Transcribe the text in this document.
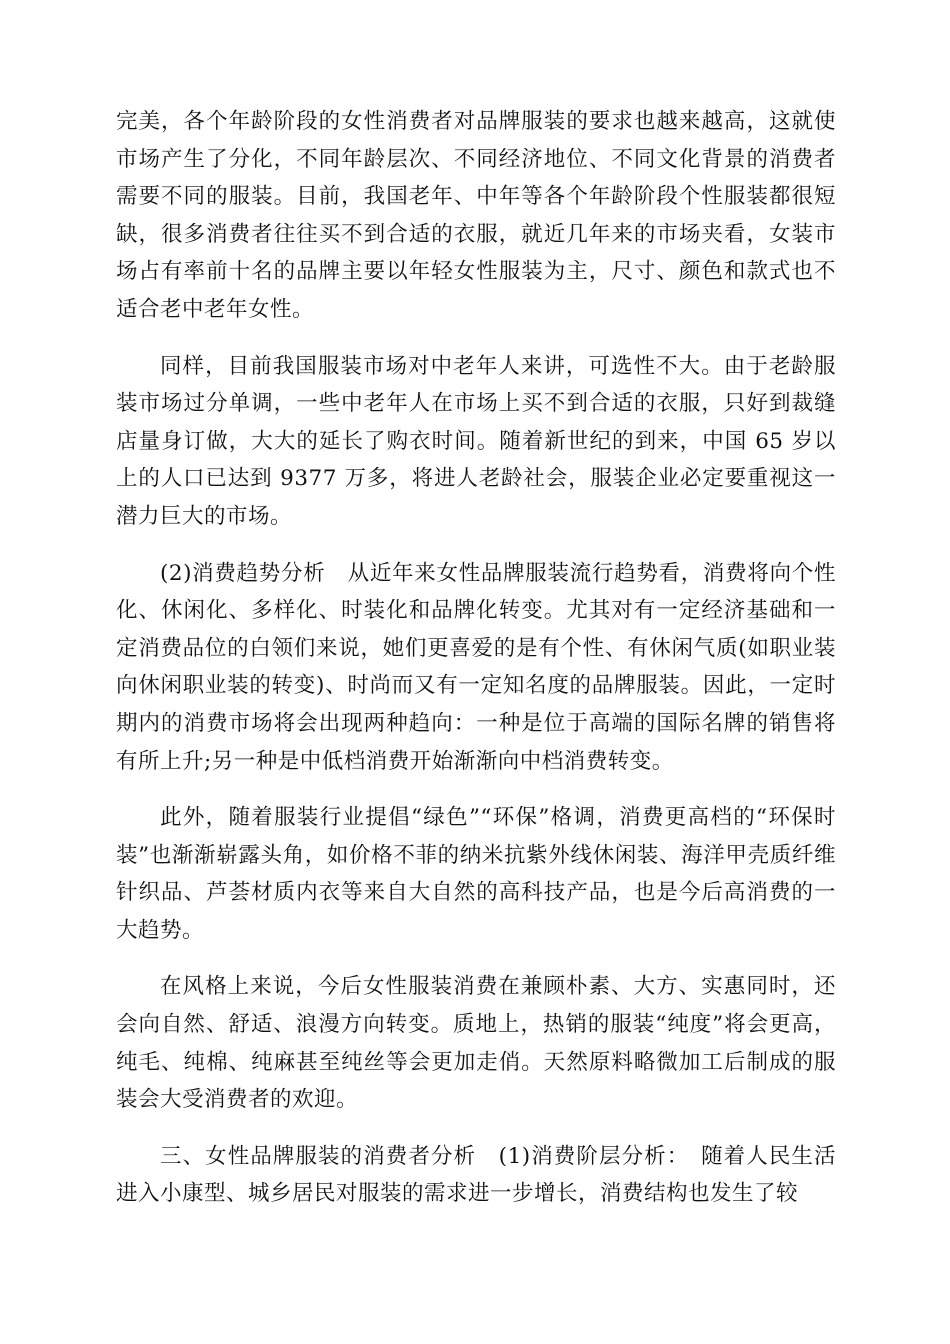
完美，各个年龄阶段的女性消费者对品牌服装的要求也越来越高，这就使市场产生了分化，不同年龄层次、不同经济地位、不同文化背景的消费者需要不同的服装。目前，我国老年、中年等各个年龄阶段个性服装都很短缺，很多消费者往往买不到合适的衣服，就近几年来的市场夹看，女装市场占有率前十名的品牌主要以年轻女性服装为主，尺寸、颜色和款式也不适合老中老年女性。

同样，目前我国服装市场对中老年人来讲，可选性不大。由于老龄服装市场过分单调，一些中老年人在市场上买不到合适的衣服，只好到裁缝店量身订做，大大的延长了购衣时间。随着新世纪的到来，中国 65 岁以上的人口已达到 9377 万多，将进人老龄社会，服装企业必定要重视这一潜力巨大的市场。

(2)消费趋势分析　从近年来女性品牌服装流行趋势看，消费将向个性化、休闲化、多样化、时装化和品牌化转变。尤其对有一定经济基础和一定消费品位的白领们来说，她们更喜爱的是有个性、有休闲气质(如职业装向休闲职业装的转变)、时尚而又有一定知名度的品牌服装。因此，一定时期内的消费市场将会出现两种趋向：一种是位于高端的国际名牌的销售将有所上升;另一种是中低档消费开始渐渐向中档消费转变。

此外，随着服装行业提倡“绿色”“环保”格调，消费更高档的“环保时装”也渐渐崭露头角，如价格不菲的纳米抗紫外线休闲装、海洋甲壳质纤维针织品、芦荟材质内衣等来自大自然的高科技产品，也是今后高消费的一大趋势。

在风格上来说，今后女性服装消费在兼顾朴素、大方、实惠同时，还会向自然、舒适、浪漫方向转变。质地上，热销的服装“纯度”将会更高，纯毛、纯棉、纯麻甚至纯丝等会更加走俏。天然原料略微加工后制成的服装会大受消费者的欢迎。

三、女性品牌服装的消费者分析　(1)消费阶层分析：　随着人民生活进入小康型、城乡居民对服装的需求进一步增长，消费结构也发生了较
